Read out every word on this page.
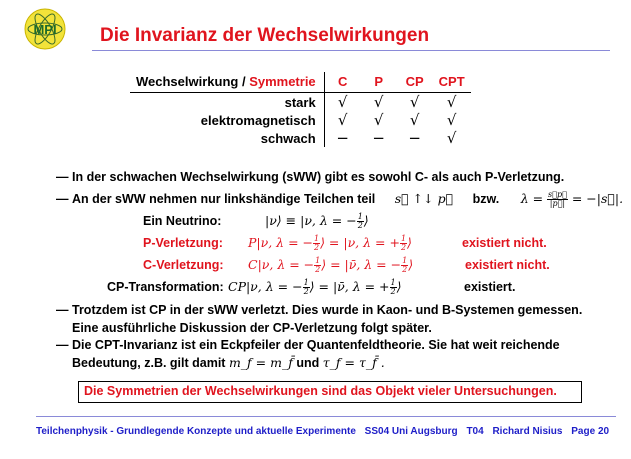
MPI Die Invarianz der Wechselwirkungen
Wechselwirkung / Symmetrie	C	P	CP	CPT
stark	√	√	√	√
elektromagnetisch	√	√	√	√
schwach	−	−	−	√
— In der schwachen Wechselwirkung (sWW) gibt es sowohl C- als auch P-Verletzung.
— An der sWW nehmen nur linkshändige Teilchen teil s⃗ ↑↓ p⃗ bzw. $\lambda = \frac{s⃗p⃗}{|p⃗|}$ = −|s⃗|.
Ein Neutrino:	|ν⟩ ≡ |ν, λ = − $\frac{1}{2}$ ⟩
P-Verletzung: P|ν, λ = − $\frac{1}{2}$ ⟩ = |ν, λ = + $\frac{1}{2}$ ⟩	existiert nicht.
C-Verletzung: C|ν, λ = − $\frac{1}{2}$ ⟩ = |ν̄, λ = − $\frac{1}{2}$ ⟩	existiert nicht.
CP-Transformation: CP|ν, λ = − $\frac{1}{2}$ ⟩ = |ν̄, λ = + $\frac{1}{2}$ ⟩	existiert.
— Trotzdem ist CP in der sWW verletzt. Dies wurde in Kaon- und B-Systemen gemessen.
Eine ausführliche Diskussion der CP-Verletzung folgt später.
— Die CPT-Invarianz ist ein Eckpfeiler der Quantenfeldtheorie. Sie hat weit reichende
Bedeutung, z.B. gilt damit m_f = m_f̄ und τ_f = τ_f̄ .
Die Symmetrien der Wechselwirkungen sind das Objekt vieler Untersuchungen.
Teilchenphysik - Grundlegende Konzepte und aktuelle Experimente SS04 Uni Augsburg T04 Richard Nisius Page 20
